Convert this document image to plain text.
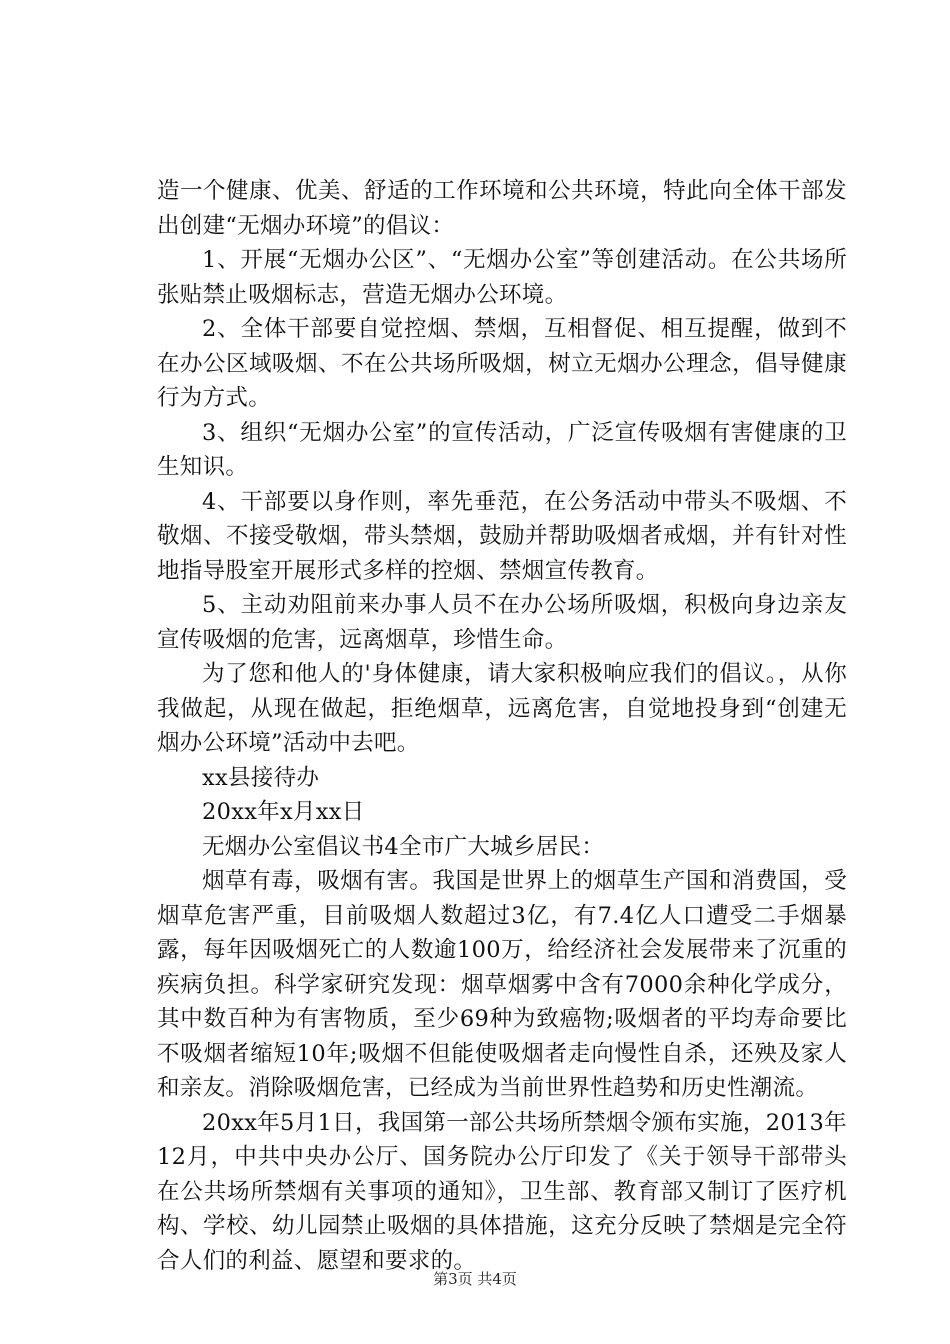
造一个健康、优美、舒适的工作环境和公共环境，特此向全体干部发出创建“无烟办环境”的倡议：

1、开展“无烟办公区”、“无烟办公室”等创建活动。在公共场所张贴禁止吸烟标志，营造无烟办公环境。

2、全体干部要自觉控烟、禁烟，互相督促、相互提醒，做到不在办公区域吸烟、不在公共场所吸烟，树立无烟办公理念，倡导健康行为方式。

3、组织“无烟办公室”的宣传活动，广泛宣传吸烟有害健康的卫生知识。

4、干部要以身作则，率先垂范，在公务活动中带头不吸烟、不敬烟、不接受敬烟，带头禁烟，鼓励并帮助吸烟者戒烟，并有针对性地指导股室开展形式多样的控烟、禁烟宣传教育。

5、主动劝阻前来办事人员不在办公场所吸烟，积极向身边亲友宣传吸烟的危害，远离烟草，珍惜生命。

为了您和他人的'身体健康，请大家积极响应我们的倡议。，从你我做起，从现在做起，拒绝烟草，远离危害，自觉地投身到“创建无烟办公环境”活动中去吧。

xx县接待办

20xx年x月xx日

无烟办公室倡议书4全市广大城乡居民：

烟草有毒，吸烟有害。我国是世界上的烟草生产国和消费国，受烟草危害严重，目前吸烟人数超过3亿，有7.4亿人口遭受二手烟暴露，每年因吸烟死亡的人数逾100万，给经济社会发展带来了沉重的疾病负担。科学家研究发现：烟草烟雾中含有7000余种化学成分，其中数百种为有害物质，至少69种为致癌物;吸烟者的平均寿命要比不吸烟者缩短10年;吸烟不但能使吸烟者走向慢性自杀，还殃及家人和亲友。消除吸烟危害，已经成为当前世界性趋势和历史性潮流。

20xx年5月1日，我国第一部公共场所禁烟令颁布实施，2013年12月，中共中央办公厅、国务院办公厅印发了《关于领导干部带头在公共场所禁烟有关事项的通知》，卫生部、教育部又制订了医疗机构、学校、幼儿园禁止吸烟的具体措施，这充分反映了禁烟是完全符合人们的利益、愿望和要求的。

第3页 共4页
